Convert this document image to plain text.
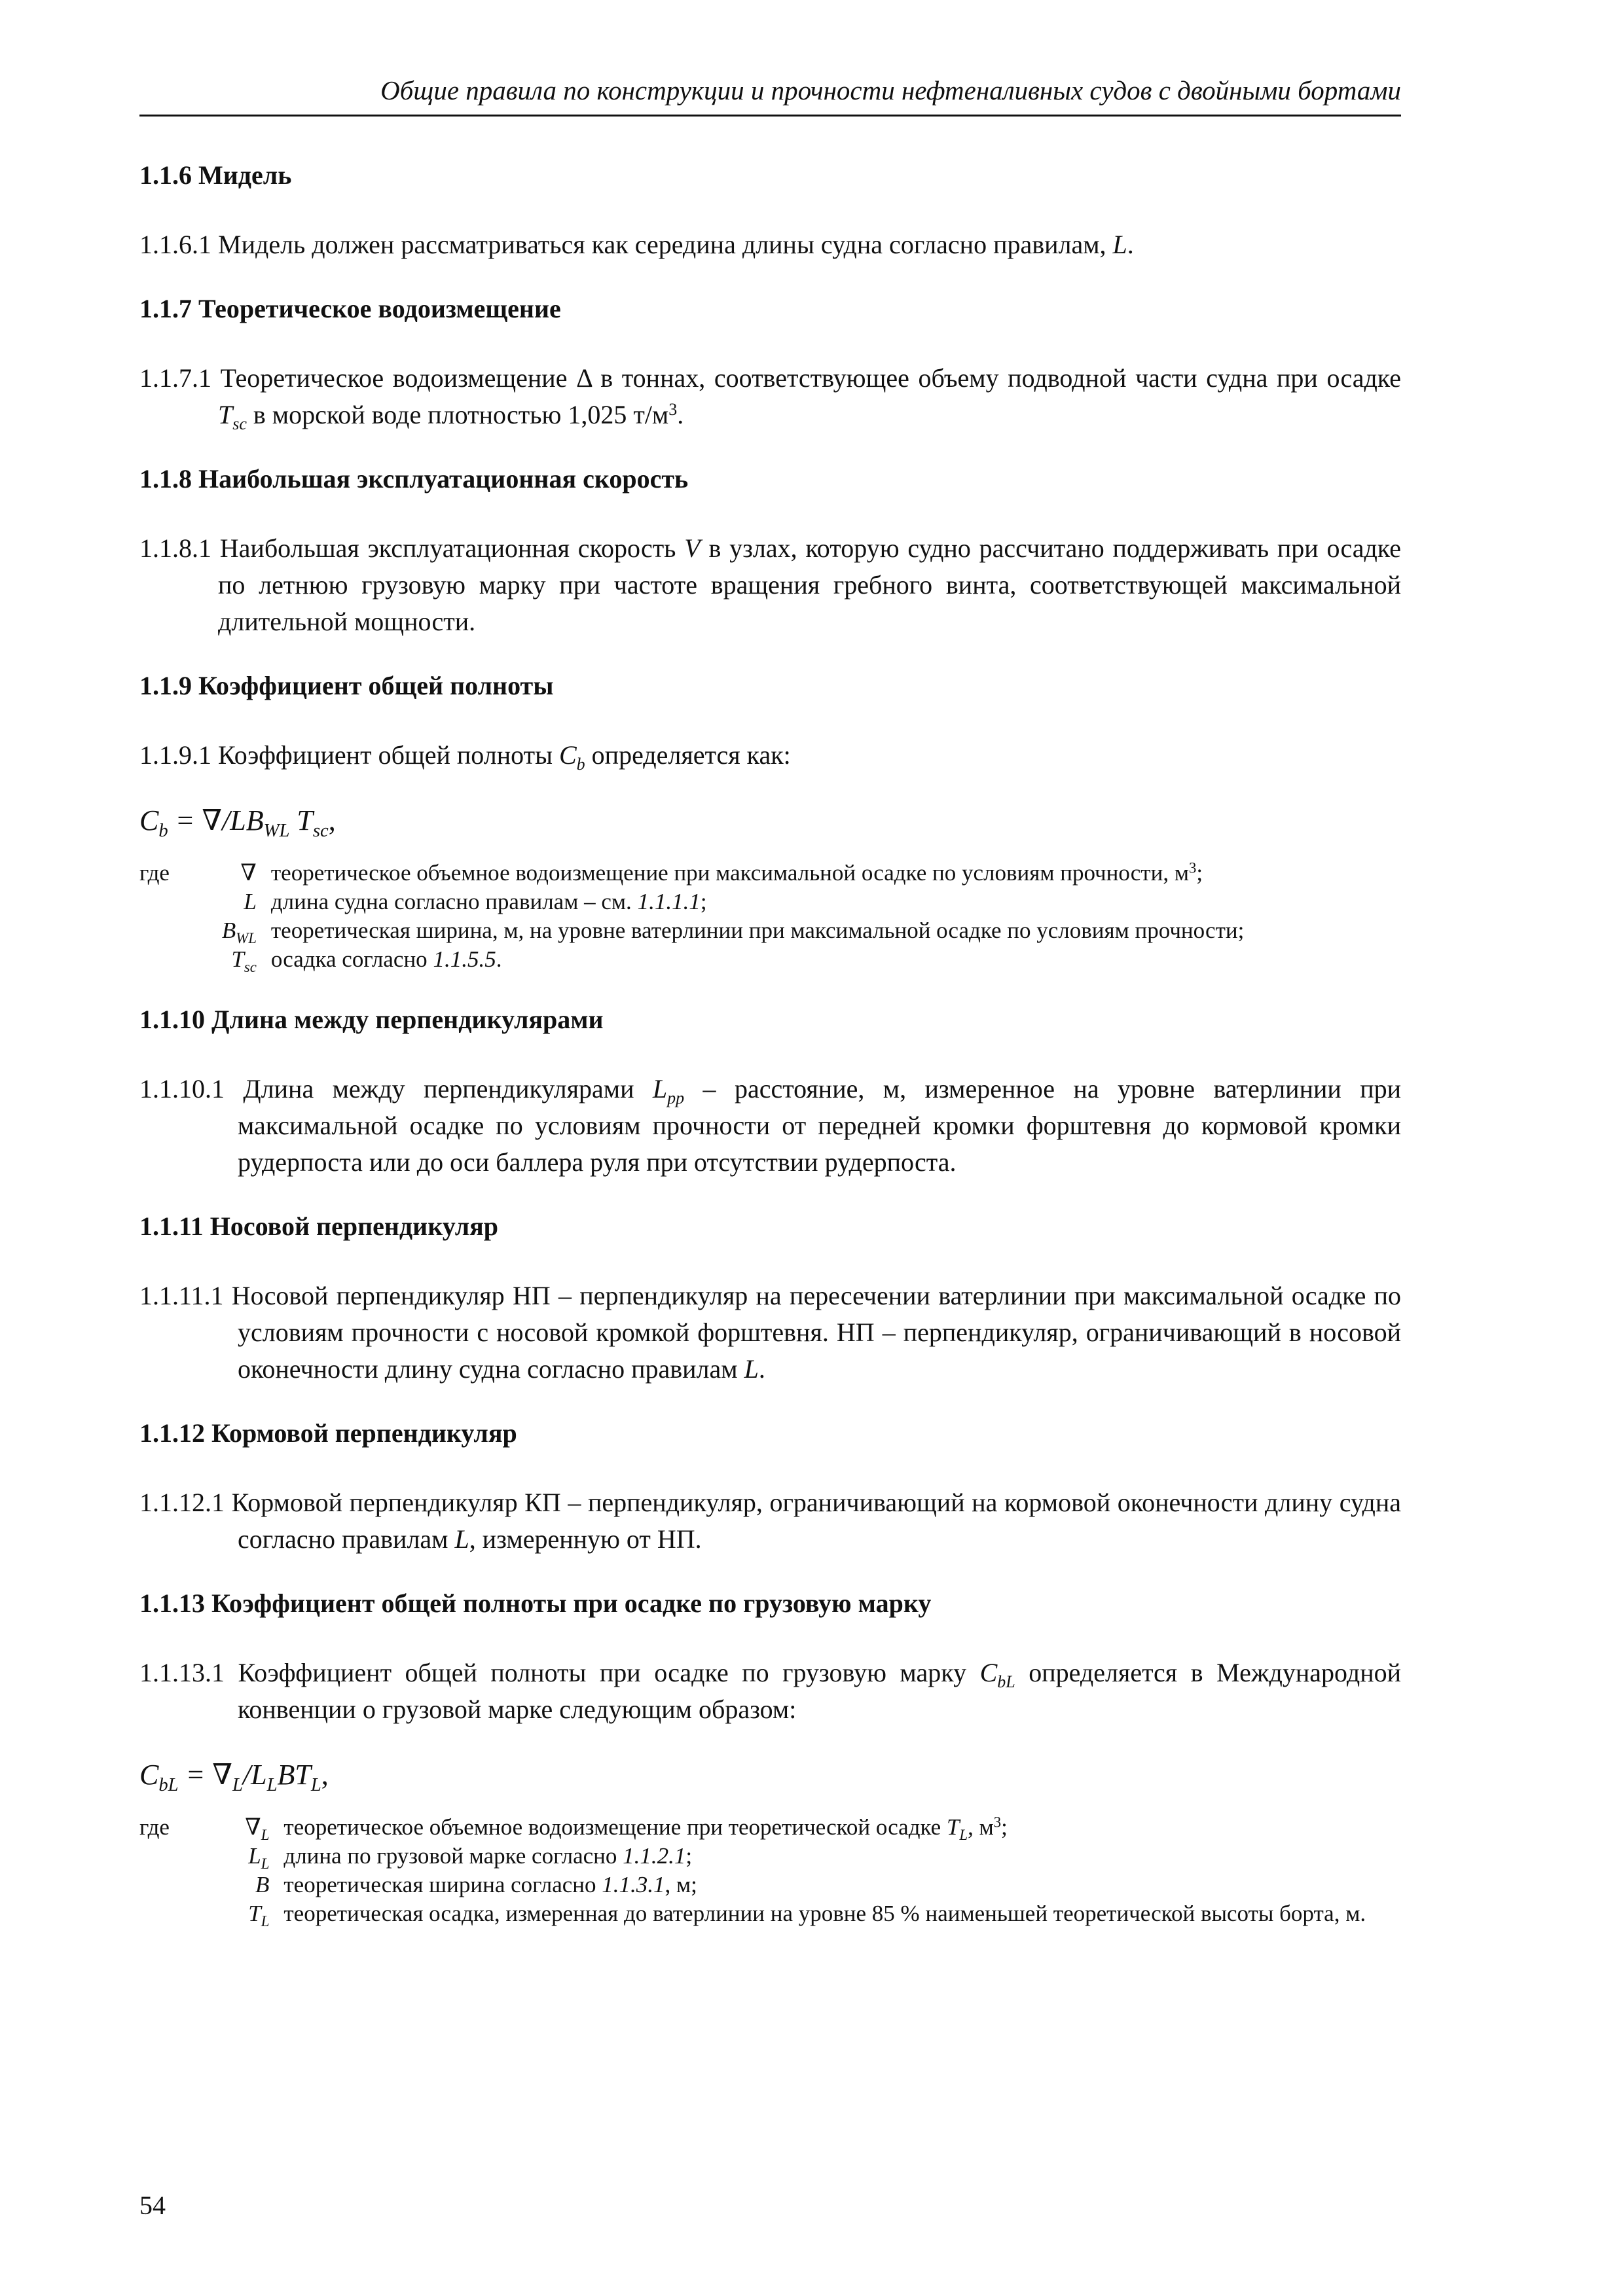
Общие правила по конструкции и прочности нефтеналивных судов с двойными бортами
1.1.6 Мидель

1.1.6.1 Мидель должен рассматриваться как середина длины судна согласно правилам, L.

1.1.7 Теоретическое водоизмещение

1.1.7.1 Теоретическое водоизмещение Δ в тоннах, соответствующее объему подводной части судна при осадке $T_{sc}$ в морской воде плотностью 1,025 $т/м^3$.

1.1.8 Наибольшая эксплуатационная скорость

1.1.8.1 Наибольшая эксплуатационная скорость V в узлах, которую судно рассчитано поддерживать при осадке по летнюю грузовую марку при частоте вращения гребного винта, соответствующей максимальной длительной мощности.

1.1.9 Коэффициент общей полноты

1.1.9.1 Коэффициент общей полноты $C_b$ определяется как:

$C_b = \nabla/LB_{WL}$ $T_{sc}$,

где	∇	теоретическое объемное водоизмещение при максимальной осадке по условиям прочности, $м^3$;
	L	длина судна согласно правилам – см. 1.1.1.1;
	$B_{WL}$	теоретическая ширина, м, на уровне ватерлинии при максимальной осадке по условиям прочности;
	$T_{sc}$	осадка согласно 1.1.5.5.
1.1.10 Длина между перпендикулярами

1.1.10.1 Длина между перпендикулярами $L_{pp}$ – расстояние, м, измеренное на уровне ватерлинии при максимальной осадке по условиям прочности от передней кромки форштевня до кормовой кромки рудерпоста или до оси баллера руля при отсутствии рудерпоста.

1.1.11 Носовой перпендикуляр

1.1.11.1 Носовой перпендикуляр НП – перпендикуляр на пересечении ватерлинии при максимальной осадке по условиям прочности с носовой кромкой форштевня. НП – перпендикуляр, ограничивающий в носовой оконечности длину судна согласно правилам L.

1.1.12 Кормовой перпендикуляр

1.1.12.1 Кормовой перпендикуляр КП – перпендикуляр, ограничивающий на кормовой оконечности длину судна согласно правилам L, измеренную от НП.

1.1.13 Коэффициент общей полноты при осадке по грузовую марку

1.1.13.1 Коэффициент общей полноты при осадке по грузовую марку $C_{bL}$ определяется в Международной конвенции о грузовой марке следующим образом:

$C_{bL} = \nabla_L/L_LBT_L$,

где	$\nabla_L$	теоретическое объемное водоизмещение при теоретической осадке $T_L$, $м^3$;
	$L_L$	длина по грузовой марке согласно 1.1.2.1;
	B	теоретическая ширина согласно 1.1.3.1, м;
	$T_L$	теоретическая осадка, измеренная до ватерлинии на уровне 85 % наименьшей теоретической высоты борта, м.
54
